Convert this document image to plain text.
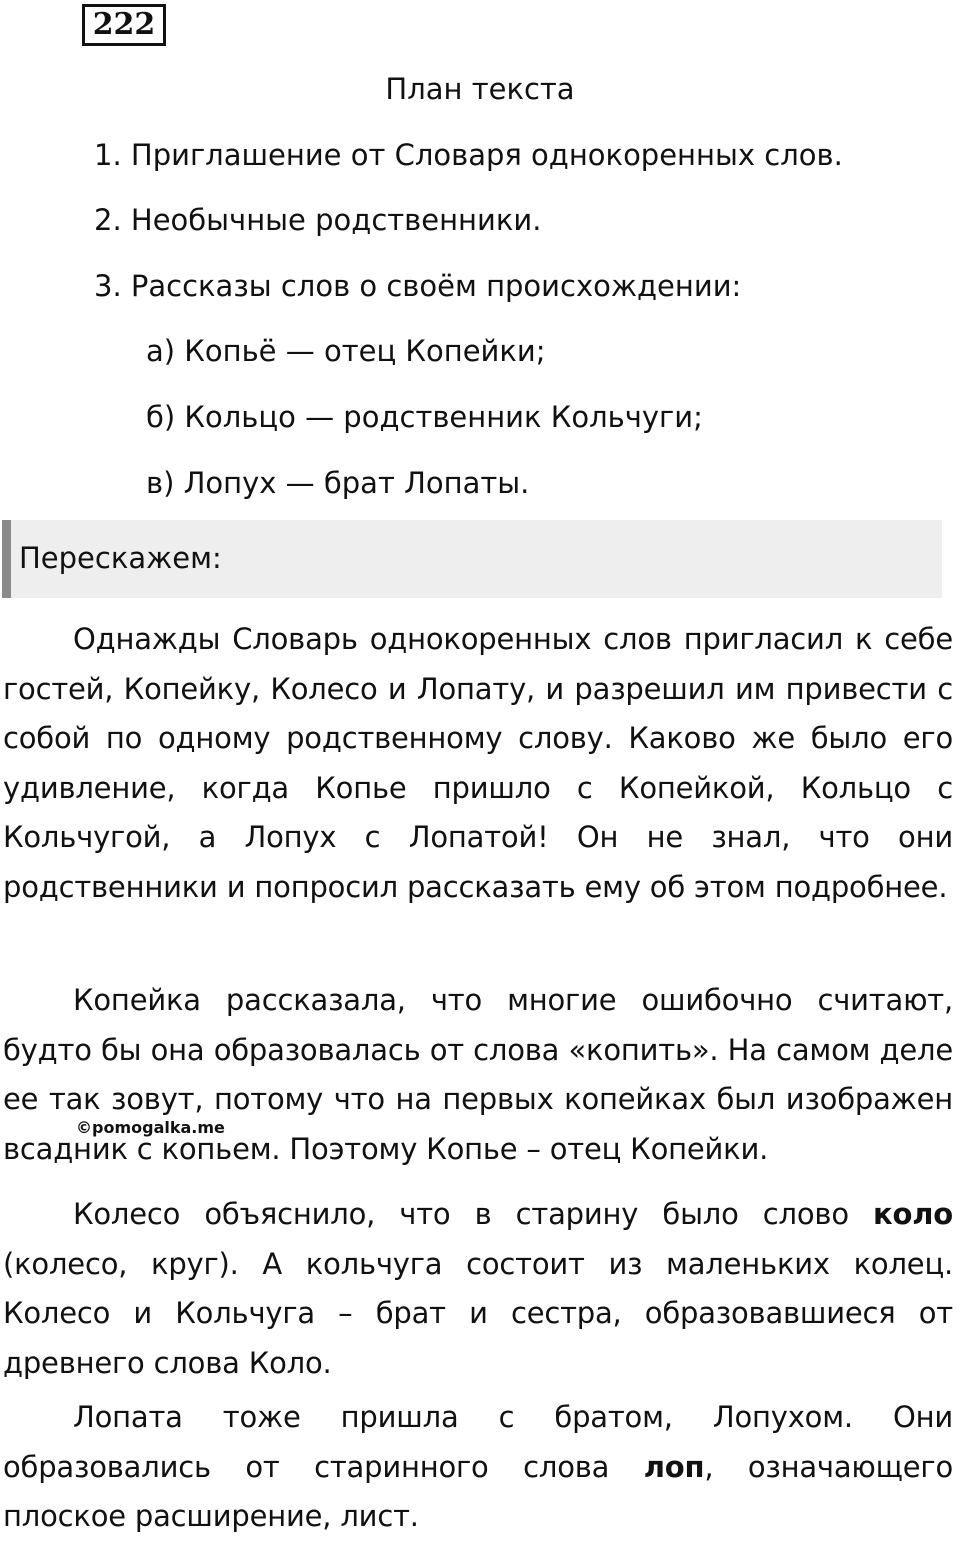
222
План текста
1. Приглашение от Словаря однокоренных слов.
2. Необычные родственники.
3. Рассказы слов о своём происхождении:
а) Копьё — отец Копейки;
б) Кольцо — родственник Кольчуги;
в) Лопух — брат Лопаты.
Перескажем:

Однажды Словарь однокоренных слов пригласил к себе гостей, Копейку, Колесо и Лопату, и разрешил им привести с собой по одному родственному слову. Каково же было его удивление, когда Копье пришло с Копейкой, Кольцо с Кольчугой, а Лопух с Лопатой! Он не знал, что они родственники и попросил рассказать ему об этом подробнее.

Копейка рассказала, что многие ошибочно считают, будто бы она образовалась от слова «копить». На самом деле ее так зовут, потому что на первых копейках был изображен всадник с копьем. Поэтому Копье – отец Копейки.

©pomogalka.me

Колесо объяснило, что в старину было слово коло (колесо, круг). А кольчуга состоит из маленьких колец. Колесо и Кольчуга – брат и сестра, образовавшиеся от древнего слова Коло.

Лопата тоже пришла с братом, Лопухом. Они образовались от старинного слова лоп, означающего плоское расширение, лист.
